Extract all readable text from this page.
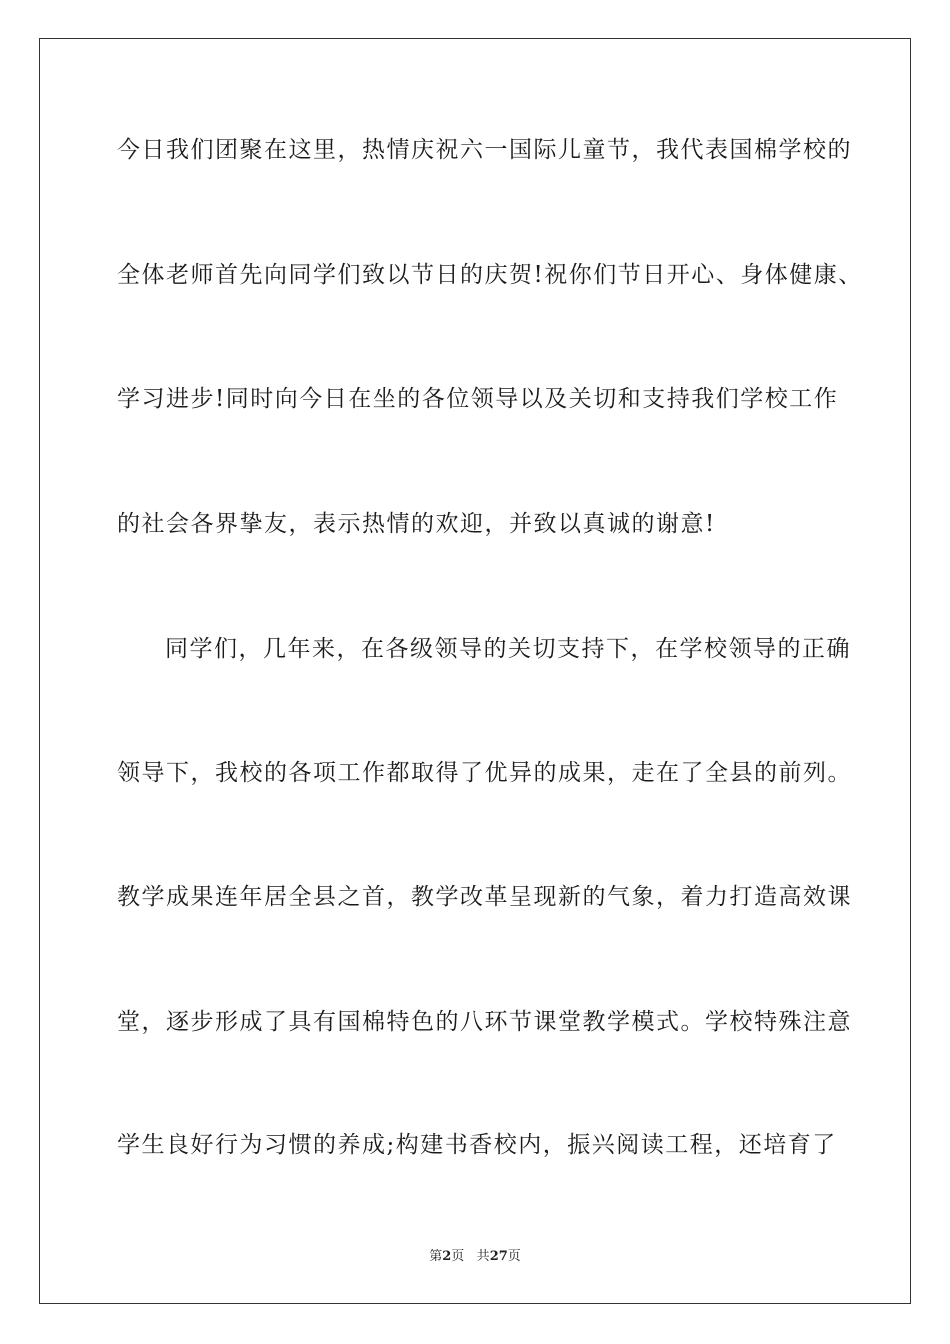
今日我们团聚在这里，热情庆祝六一国际儿童节，我代表国棉学校的
全体老师首先向同学们致以节日的庆贺!祝你们节日开心、身体健康、
学习进步!同时向今日在坐的各位领导以及关切和支持我们学校工作
的社会各界挚友，表示热情的欢迎，并致以真诚的谢意!
同学们，几年来，在各级领导的关切支持下，在学校领导的正确
领导下，我校的各项工作都取得了优异的成果，走在了全县的前列。
教学成果连年居全县之首，教学改革呈现新的气象，着力打造高效课
堂，逐步形成了具有国棉特色的八环节课堂教学模式。学校特殊注意
学生良好行为习惯的养成;构建书香校内，振兴阅读工程，还培育了
第2页 共27页
